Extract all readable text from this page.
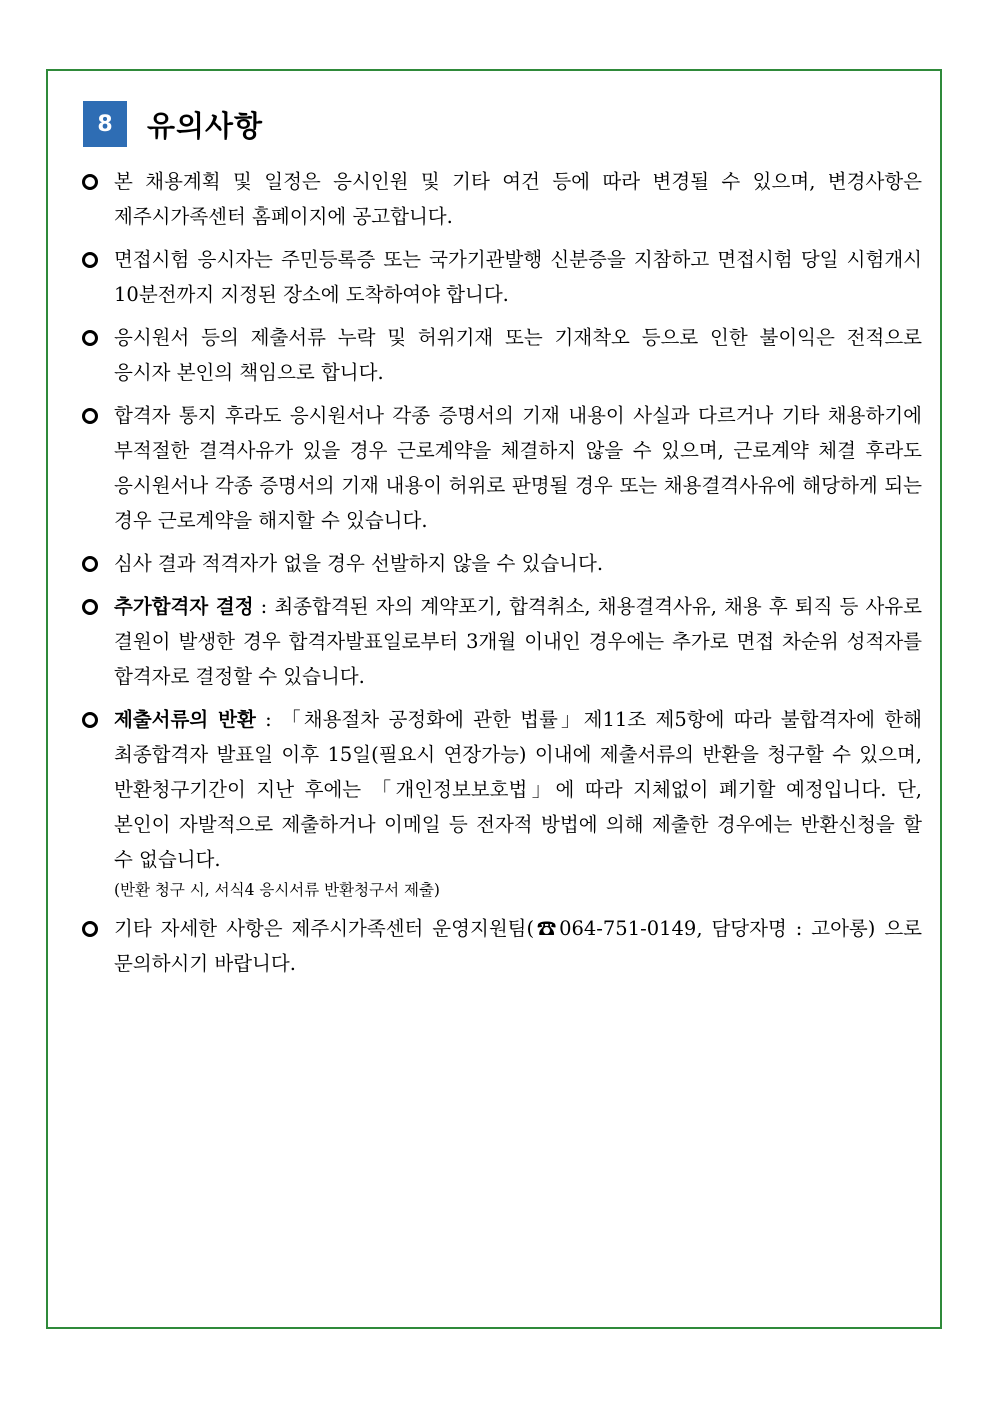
8	유의사항
본 채용계획 및 일정은 응시인원 및 기타 여건 등에 따라 변경될 수 있으며, 변경사항은 제주시가족센터 홈페이지에 공고합니다.
면접시험 응시자는 주민등록증 또는 국가기관발행 신분증을 지참하고 면접시험 당일 시험개시 10분전까지 지정된 장소에 도착하여야 합니다.
응시원서 등의 제출서류 누락 및 허위기재 또는 기재착오 등으로 인한 불이익은 전적으로 응시자 본인의 책임으로 합니다.
합격자 통지 후라도 응시원서나 각종 증명서의 기재 내용이 사실과 다르거나 기타 채용하기에 부적절한 결격사유가 있을 경우 근로계약을 체결하지 않을 수 있으며, 근로계약 체결 후라도 응시원서나 각종 증명서의 기재 내용이 허위로 판명될 경우 또는 채용결격사유에 해당하게 되는 경우 근로계약을 해지할 수 있습니다.
심사 결과 적격자가 없을 경우 선발하지 않을 수 있습니다.
추가합격자 결정 : 최종합격된 자의 계약포기, 합격취소, 채용결격사유, 채용 후 퇴직 등 사유로 결원이 발생한 경우 합격자발표일로부터 3개월 이내인 경우에는 추가로 면접 차순위 성적자를 합격자로 결정할 수 있습니다.
제출서류의 반환 : 「채용절차 공정화에 관한 법률」제11조 제5항에 따라 불합격자에 한해 최종합격자 발표일 이후 15일(필요시 연장가능) 이내에 제출서류의 반환을 청구할 수 있으며, 반환청구기간이 지난 후에는 「개인정보보호법」에 따라 지체없이 폐기할 예정입니다. 단, 본인이 자발적으로 제출하거나 이메일 등 전자적 방법에 의해 제출한 경우에는 반환신청을 할 수 없습니다.
(반환 청구 시, 서식4 응시서류 반환청구서 제출)
기타 자세한 사항은 제주시가족센터 운영지원팀(☎064-751-0149, 담당자명 : 고아롱) 으로 문의하시기 바랍니다.
